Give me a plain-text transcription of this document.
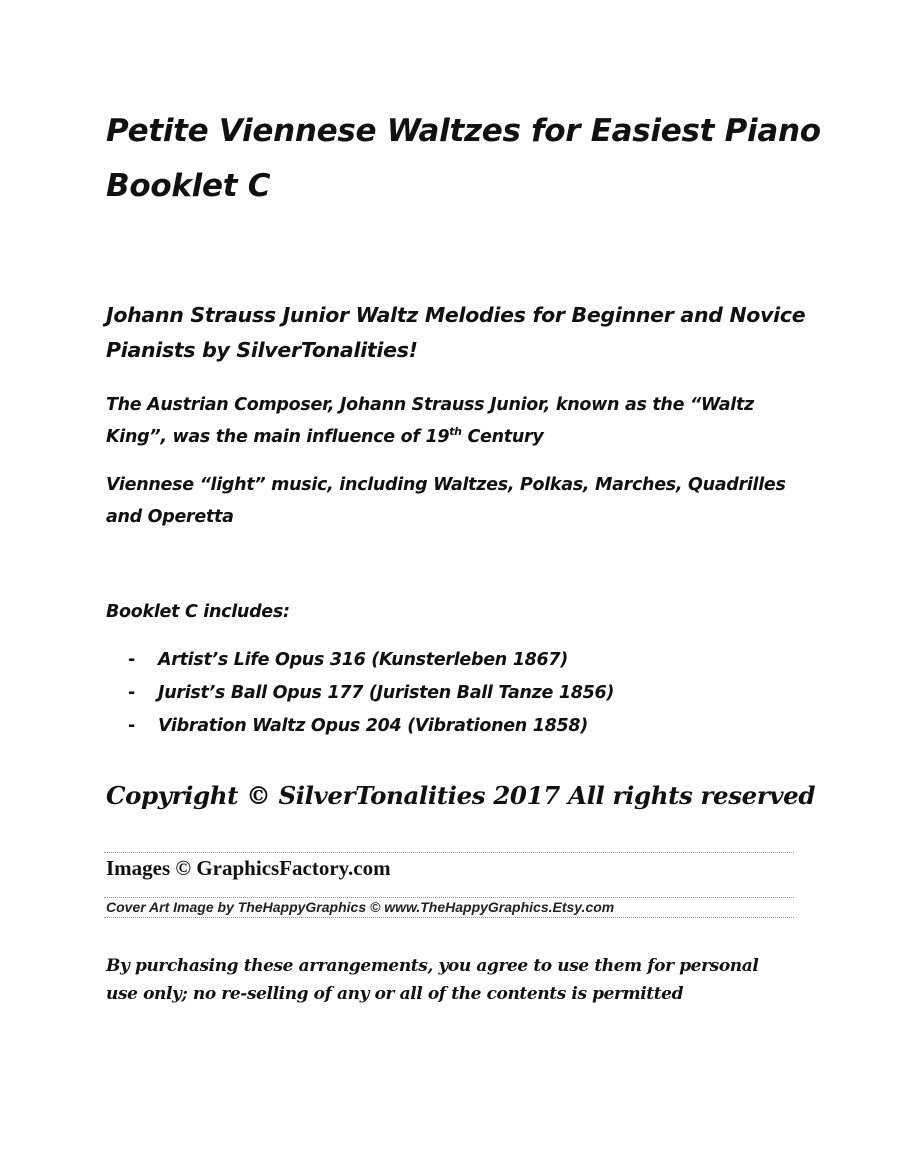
Petite Viennese Waltzes for Easiest Piano
Booklet C
Johann Strauss Junior Waltz Melodies for Beginner and Novice
Pianists by SilverTonalities!
The Austrian Composer, Johann Strauss Junior, known as the “Waltz
King”, was the main influence of 19th Century
Viennese “light” music, including Waltzes, Polkas, Marches, Quadrilles
and Operetta
Booklet C includes:
- Artist’s Life Opus 316 (Kunsterleben 1867)
- Jurist’s Ball Opus 177 (Juristen Ball Tanze 1856)
- Vibration Waltz Opus 204 (Vibrationen 1858)
Copyright © SilverTonalities 2017 All rights reserved
Images © GraphicsFactory.com
Cover Art Image by TheHappyGraphics © www.TheHappyGraphics.Etsy.com
By purchasing these arrangements, you agree to use them for personal
use only; no re-selling of any or all of the contents is permitted
